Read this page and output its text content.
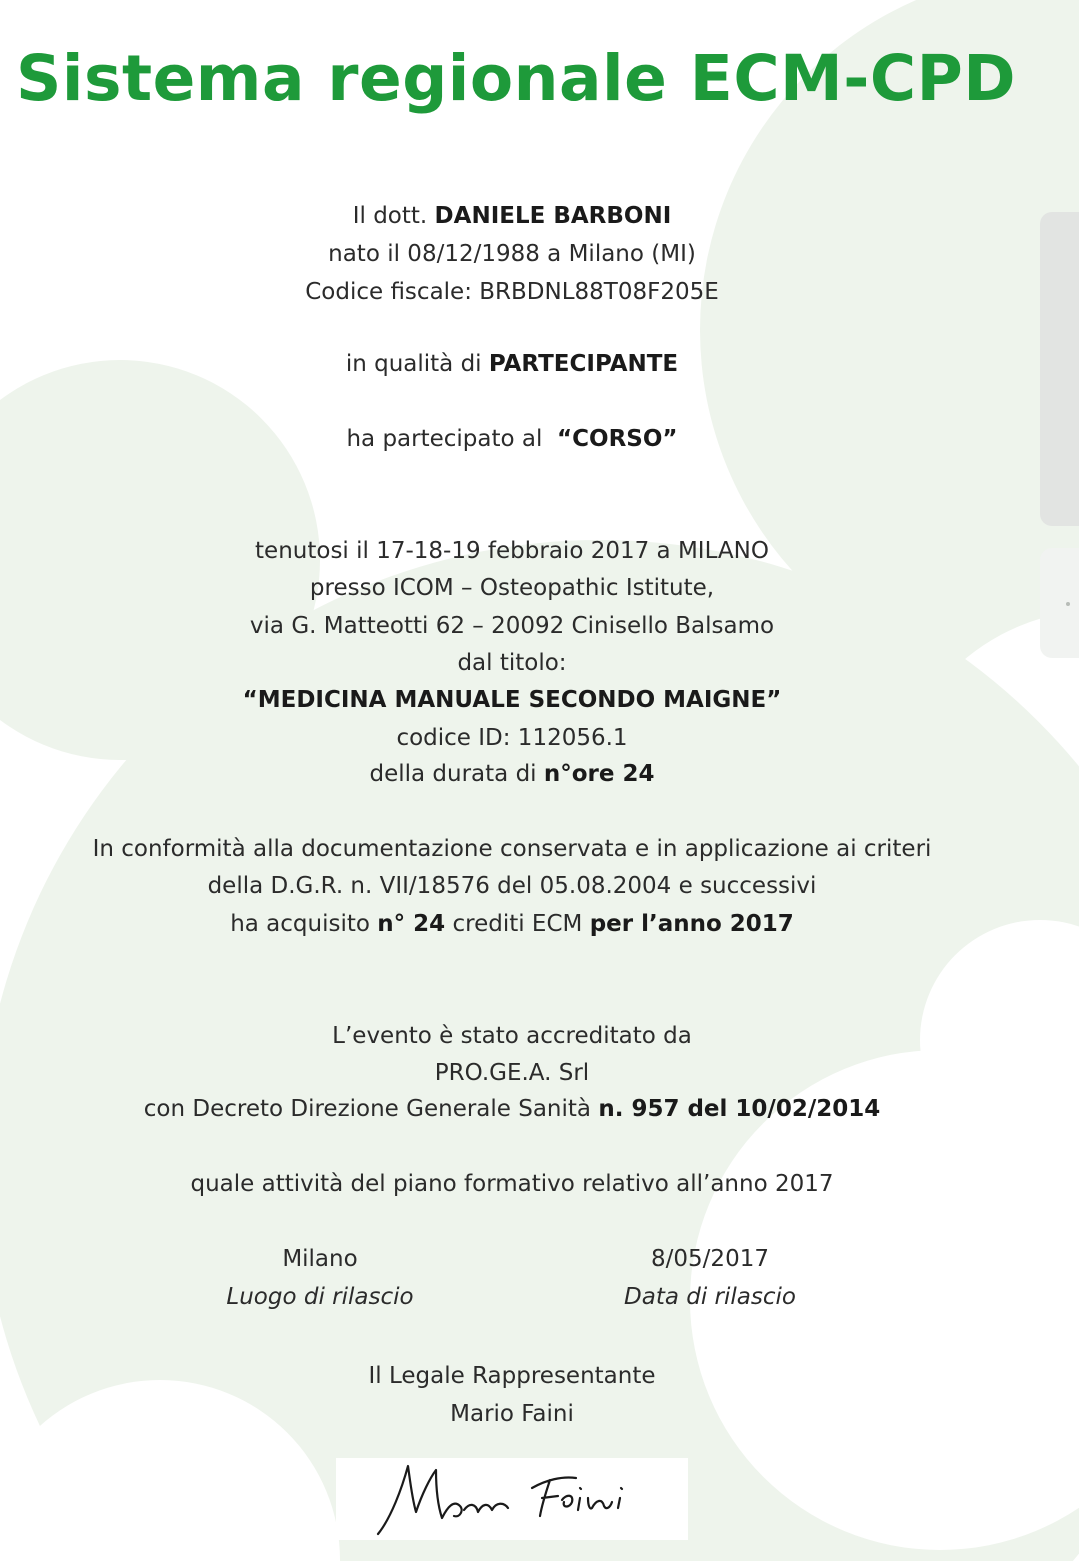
Sistema regionale ECM-CPD
Il dott. DANIELE BARBONI
nato il 08/12/1988 a Milano (MI)
Codice fiscale: BRBDNL88T08F205E
in qualità di PARTECIPANTE
ha partecipato al “CORSO”
tenutosi il 17-18-19 febbraio 2017 a MILANO
presso ICOM – Osteopathic Istitute,
via G. Matteotti 62 – 20092 Cinisello Balsamo
dal titolo:
“MEDICINA MANUALE SECONDO MAIGNE”
codice ID: 112056.1
della durata di n°ore 24
In conformità alla documentazione conservata e in applicazione ai criteri
della D.G.R. n. VII/18576 del 05.08.2004 e successivi
ha acquisito n° 24 crediti ECM per l’anno 2017
L’evento è stato accreditato da
PRO.GE.A. Srl
con Decreto Direzione Generale Sanità n. 957 del 10/02/2014
quale attività del piano formativo relativo all’anno 2017
Milano
Luogo di rilascio
8/05/2017
Data di rilascio
Il Legale Rappresentante
Mario Faini
